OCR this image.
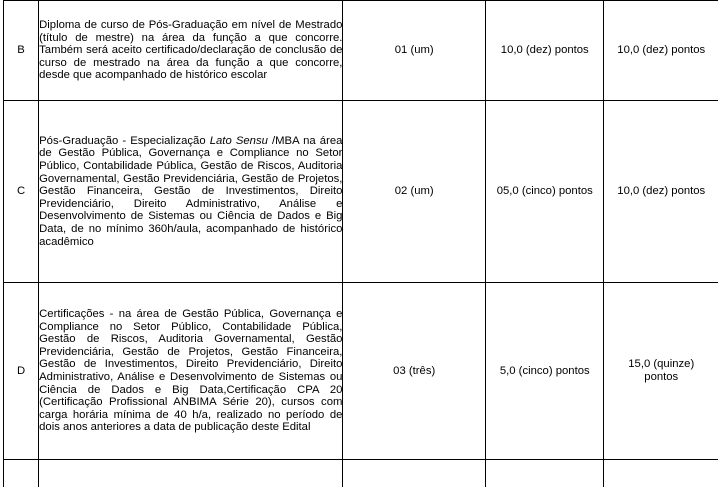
B	Diploma de curso de Pós-Graduação em nível de Mestrado (título de mestre) na área da função a que concorre. Também será aceito certificado/declaração de conclusão de curso de mestrado na área da função a que concorre, desde que acompanhado de histórico escolar	01 (um)	10,0 (dez) pontos	10,0 (dez) pontos
C	Pós-Graduação - Especialização Lato Sensu /MBA na área de Gestão Pública, Governança e Compliance no Setor Público, Contabilidade Pública, Gestão de Riscos, Auditoria Governamental, Gestão Previdenciária, Gestão de Projetos, Gestão Financeira, Gestão de Investimentos, Direito Previdenciário, Direito Administrativo, Análise e Desenvolvimento de Sistemas ou Ciência de Dados e Big Data, de no mínimo 360h/aula, acompanhado de histórico acadêmico	02 (um)	05,0 (cinco) pontos	10,0 (dez) pontos
D	Certificações - na área de Gestão Pública, Governança e Compliance no Setor Público, Contabilidade Pública, Gestão de Riscos, Auditoria Governamental, Gestão Previdenciária, Gestão de Projetos, Gestão Financeira, Gestão de Investimentos, Direito Previdenciário, Direito Administrativo, Análise e Desenvolvimento de Sistemas ou Ciência de Dados e Big Data,Certificação CPA 20 (Certificação Profissional ANBIMA Série 20), cursos com carga horária mínima de 40 h/a, realizado no período de dois anos anteriores a data de publicação deste Edital	03 (três)	5,0 (cinco) pontos	15,0 (quinze) pontos
